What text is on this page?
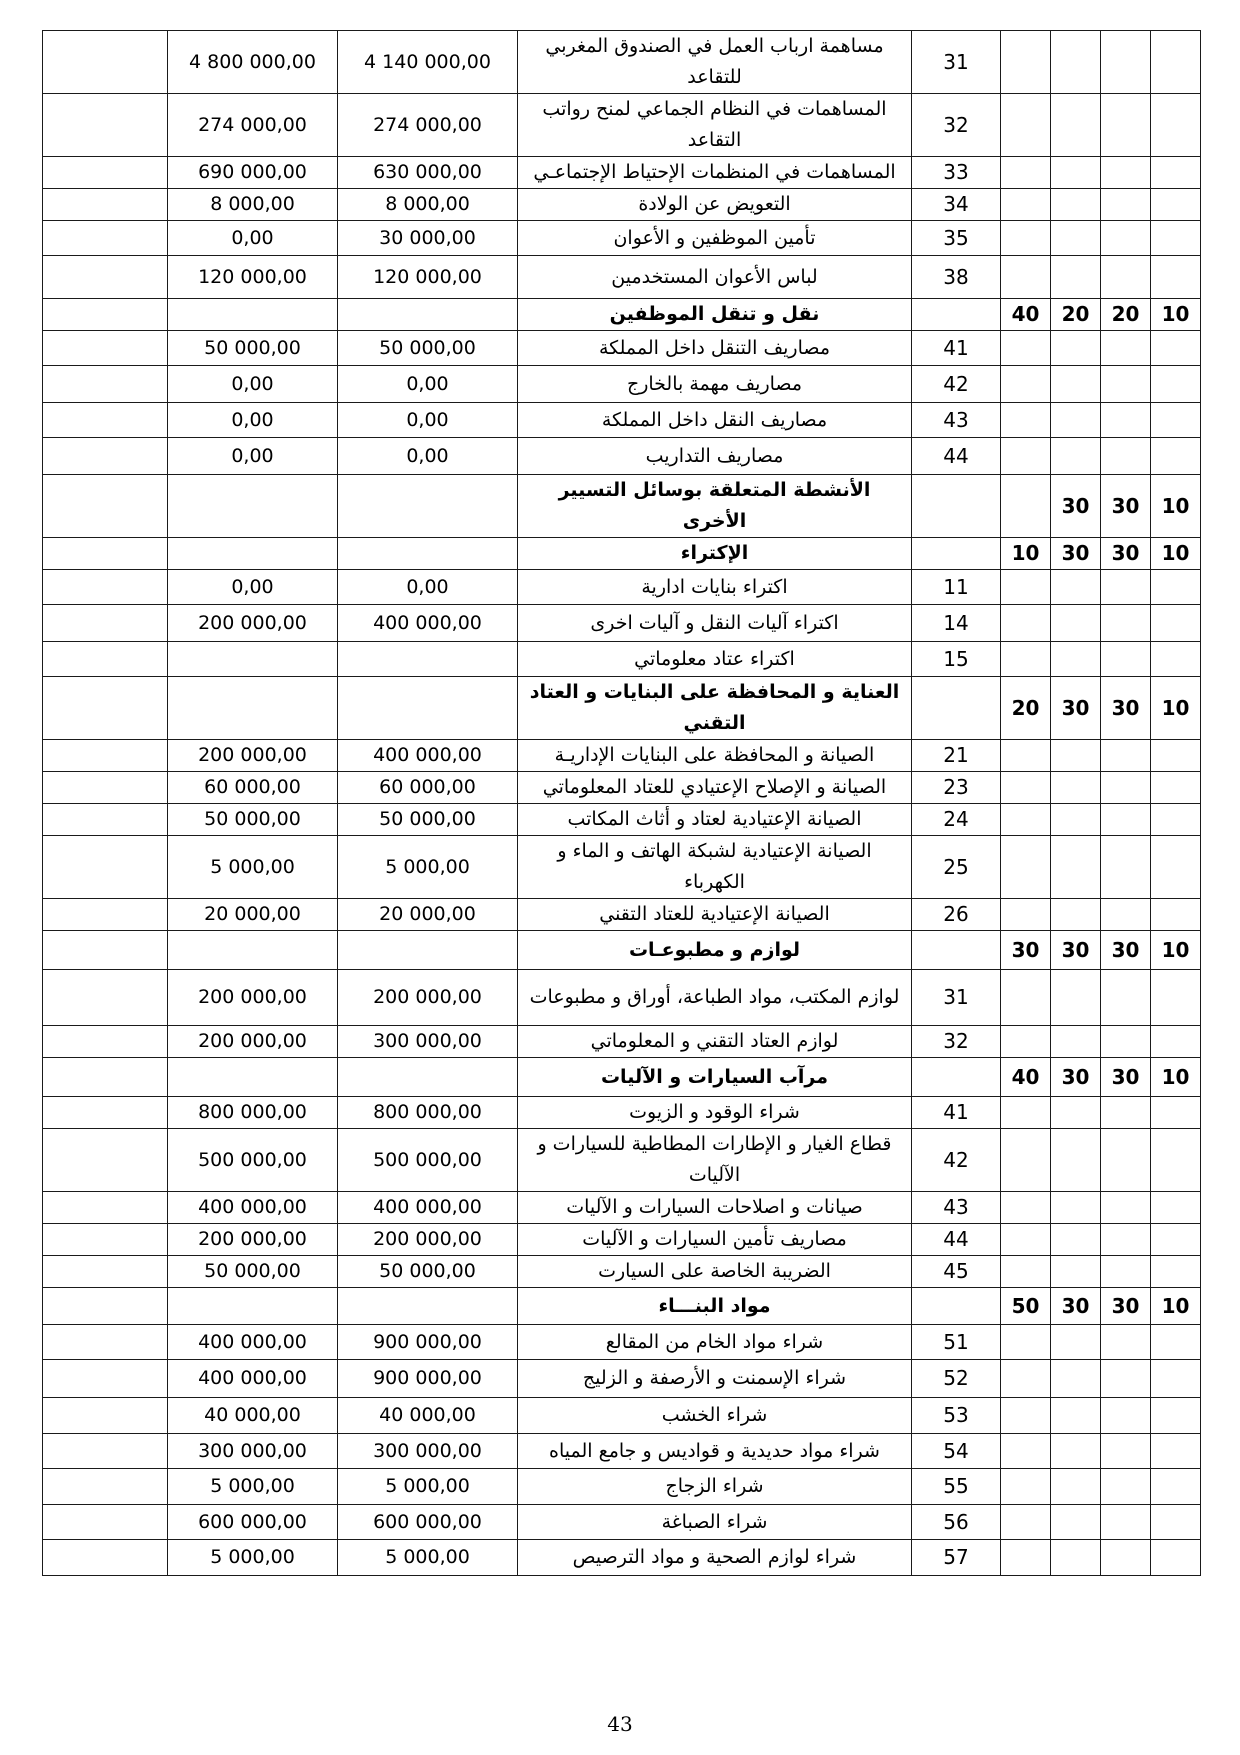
	4 800 000,00	4 140 000,00	مساهمة ارباب العمل في الصندوق المغربي للتقاعد	31				
	274 000,00	274 000,00	المساهمات في النظام الجماعي لمنح رواتب التقاعد	32				
	690 000,00	630 000,00	المساهمات في المنظمات الإحتياط الإجتماعـي	33				
	8 000,00	8 000,00	التعويض عن الولادة	34				
	0,00	30 000,00	تأمين الموظفين و الأعوان	35				
	120 000,00	120 000,00	لباس الأعوان المستخدمين	38				
			نقل و تنقل الموظفين		40	20	20	10
	50 000,00	50 000,00	مصاريف التنقل داخل المملكة	41				
	0,00	0,00	مصاريف مهمة بالخارج	42				
	0,00	0,00	مصاريف النقل داخل المملكة	43				
	0,00	0,00	مصاريف التداريب	44				
			الأنشطة المتعلقة بوسائل التسيير الأخرى			30	30	10
			الإكتراء		10	30	30	10
	0,00	0,00	اكتراء بنايات ادارية	11				
	200 000,00	400 000,00	اكتراء آليات النقل و آليات اخرى	14				
			اكتراء عتاد معلوماتي	15				
			العناية و المحافظة على البنايات و العتاد التقني		20	30	30	10
	200 000,00	400 000,00	الصيانة و المحافظة على البنايات الإداريـة	21				
	60 000,00	60 000,00	الصيانة و الإصلاح الإعتيادي للعتاد المعلوماتي	23				
	50 000,00	50 000,00	الصيانة الإعتيادية لعتاد و أثاث المكاتب	24				
	5 000,00	5 000,00	الصيانة الإعتيادية لشبكة الهاتف و الماء و الكهرباء	25				
	20 000,00	20 000,00	الصيانة الإعتيادية للعتاد التقني	26				
			لوازم و مطبوعـات		30	30	30	10
	200 000,00	200 000,00	لوازم المكتب، مواد الطباعة، أوراق و مطبوعات	31				
	200 000,00	300 000,00	لوازم العتاد التقني و المعلوماتي	32				
			مرآب السيارات و الآليات		40	30	30	10
	800 000,00	800 000,00	شراء الوقود و الزيوت	41				
	500 000,00	500 000,00	قطاع الغيار و الإطارات المطاطية للسيارات و الآليات	42				
	400 000,00	400 000,00	صيانات و اصلاحات السيارات و الآليات	43				
	200 000,00	200 000,00	مصاريف تأمين السيارات و الآليات	44				
	50 000,00	50 000,00	الضريبة الخاصة على السيارت	45				
			مواد البنـــاء		50	30	30	10
	400 000,00	900 000,00	شراء مواد الخام من المقالع	51				
	400 000,00	900 000,00	شراء الإسمنت و الأرصفة و الزليج	52				
	40 000,00	40 000,00	شراء الخشب	53				
	300 000,00	300 000,00	شراء مواد حديدية و قواديس و جامع المياه	54				
	5 000,00	5 000,00	شراء الزجاج	55				
	600 000,00	600 000,00	شراء الصباغة	56				
	5 000,00	5 000,00	شراء لوازم الصحية و مواد الترصيص	57				
43
